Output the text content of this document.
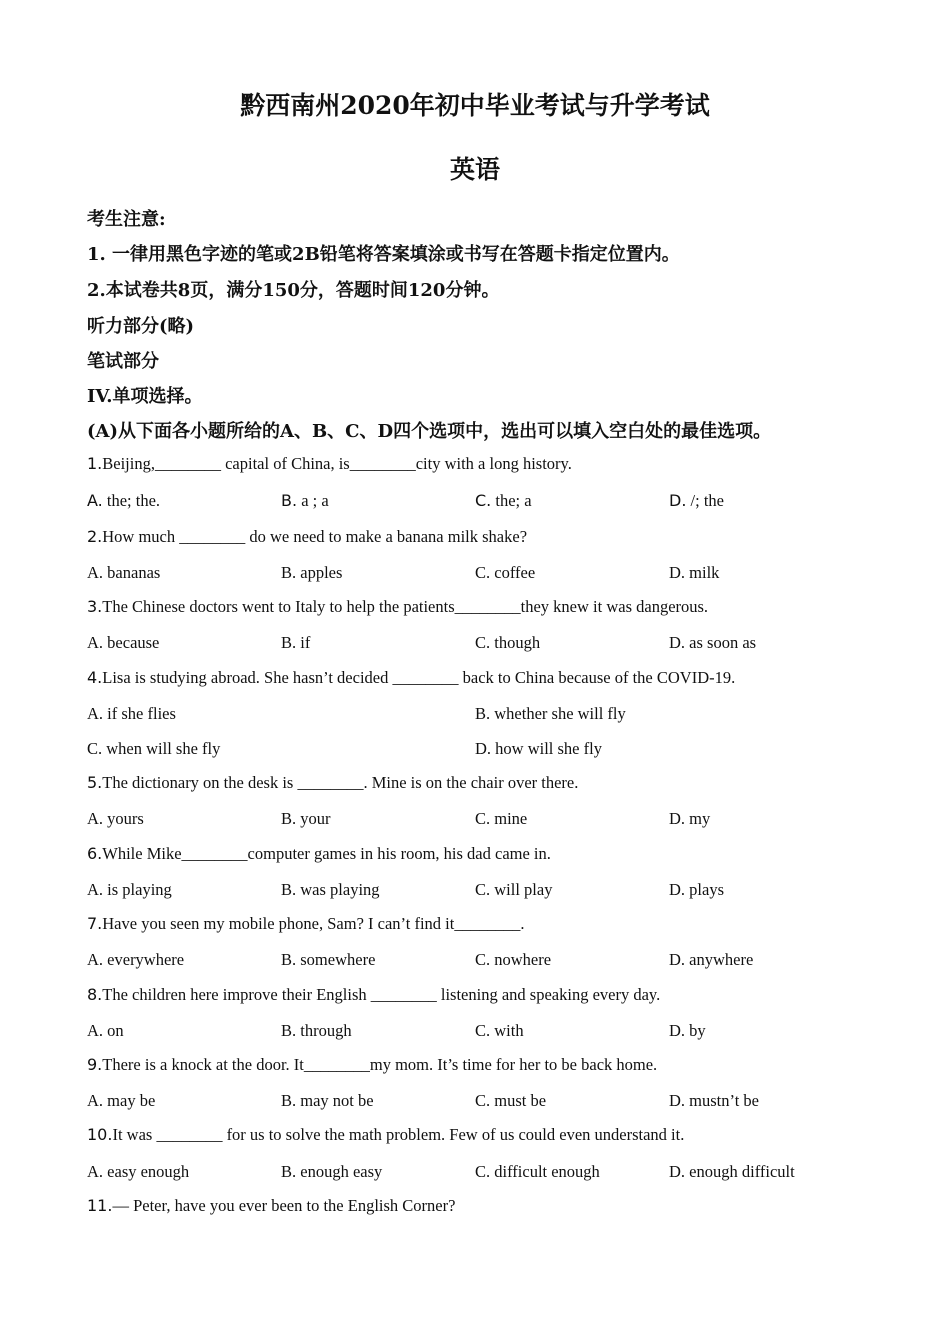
黔西南州2020年初中毕业考试与升学考试
英语
考生注意:
1. 一律用黑色字迹的笔或2B铅笔将答案填涂或书写在答题卡指定位置内。
2.本试卷共8页，满分150分，答题时间120分钟。
听力部分(略)
笔试部分
IV.单项选择。
(A)从下面各小题所给的A、B、C、D四个选项中，选出可以填入空白处的最佳选项。
1.Beijing,________ capital of China, is________city with a long history.
A. the; the.	B. a ; a	C. the; a	D. /; the
2.How much ________ do we need to make a banana milk shake?
A. bananas	B. apples	C. coffee	D. milk
3.The Chinese doctors went to Italy to help the patients________they knew it was dangerous.
A. because	B. if	C. though	D. as soon as
4.Lisa is studying abroad. She hasn’t decided ________ back to China because of the COVID-19.
A. if she flies	B. whether she will fly
C. when will she fly	D. how will she fly
5.The dictionary on the desk is ________. Mine is on the chair over there.
A. yours	B. your	C. mine	D. my
6.While Mike________computer games in his room, his dad came in.
A. is playing	B. was playing	C. will play	D. plays
7.Have you seen my mobile phone, Sam? I can’t find it________.
A. everywhere	B. somewhere	C. nowhere	D. anywhere
8.The children here improve their English ________ listening and speaking every day.
A. on	B. through	C. with	D. by
9.There is a knock at the door. It________my mom. It’s time for her to be back home.
A. may be	B. may not be	C. must be	D. mustn’t be
10.It was ________ for us to solve the math problem. Few of us could even understand it.
A. easy enough	B. enough easy	C. difficult enough	D. enough difficult
11.— Peter, have you ever been to the English Corner?
